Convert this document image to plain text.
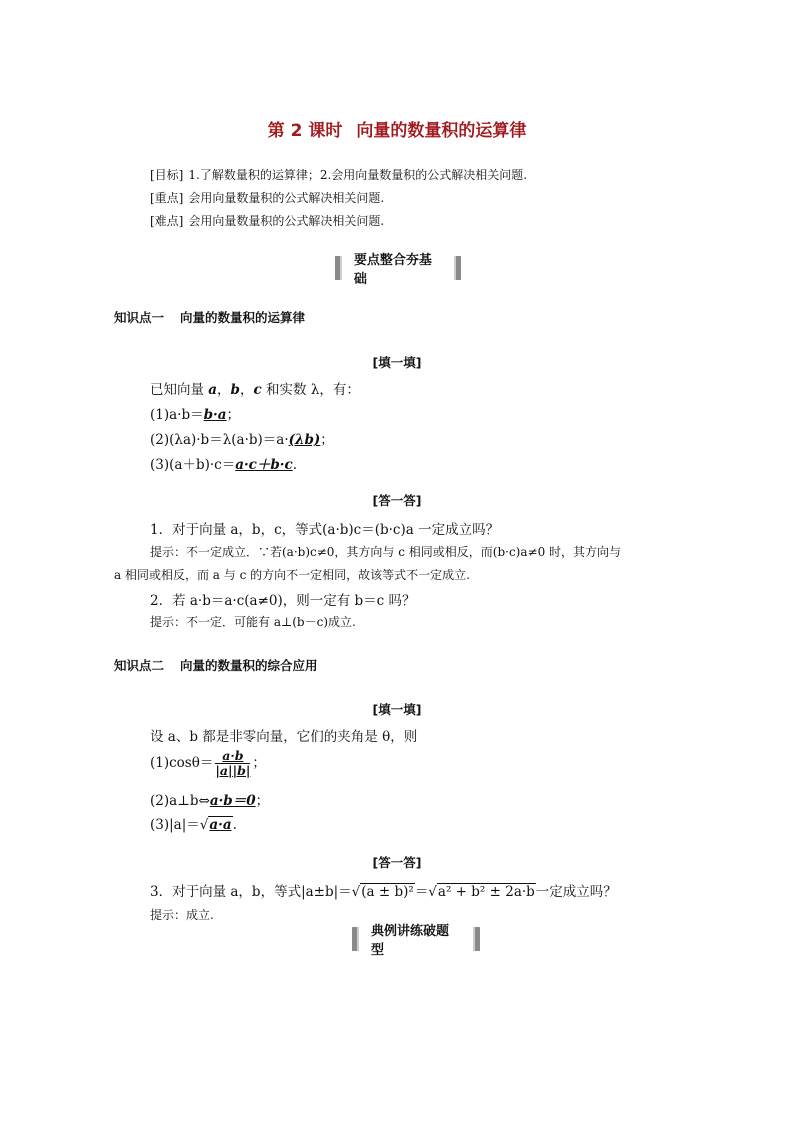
第 2 课时 向量的数量积的运算律
[目标] 1.了解数量积的运算律；2.会用向量数量积的公式解决相关问题.
[重点] 会用向量数量积的公式解决相关问题.
[难点] 会用向量数量积的公式解决相关问题.
要点整合夯基础
知识点一 向量的数量积的运算律
[填一填]
已知向量 a，b，c 和实数 λ，有：
(1)a·b＝b·a；
(2)(λa)·b＝λ(a·b)＝a·(λb)；
(3)(a＋b)·c＝a·c＋b·c.
[答一答]
1．对于向量 a，b，c，等式(a·b)c＝(b·c)a 一定成立吗？
提示：不一定成立．∵若(a·b)c≠0，其方向与 c 相同或相反，而(b·c)a≠0 时，其方向与
a 相同或相反，而 a 与 c 的方向不一定相同，故该等式不一定成立.
2．若 a·b＝a·c(a≠0)，则一定有 b＝c 吗？
提示：不一定．可能有 a⊥(b－c)成立.
知识点二 向量的数量积的综合应用
[填一填]
设 a、b 都是非零向量，它们的夹角是 θ，则
$(1)\cos\theta= \frac{a\cdot b}{|a||b|}$ ；
(2)a⊥b⇔a·b＝0；
(3)|a|＝√a·a.
[答一答]
3．对于向量 a，b，等式|a±b|＝√(a ± b)²＝√a² + b² ± 2a·b一定成立吗？
提示：成立.
典例讲练破题型
